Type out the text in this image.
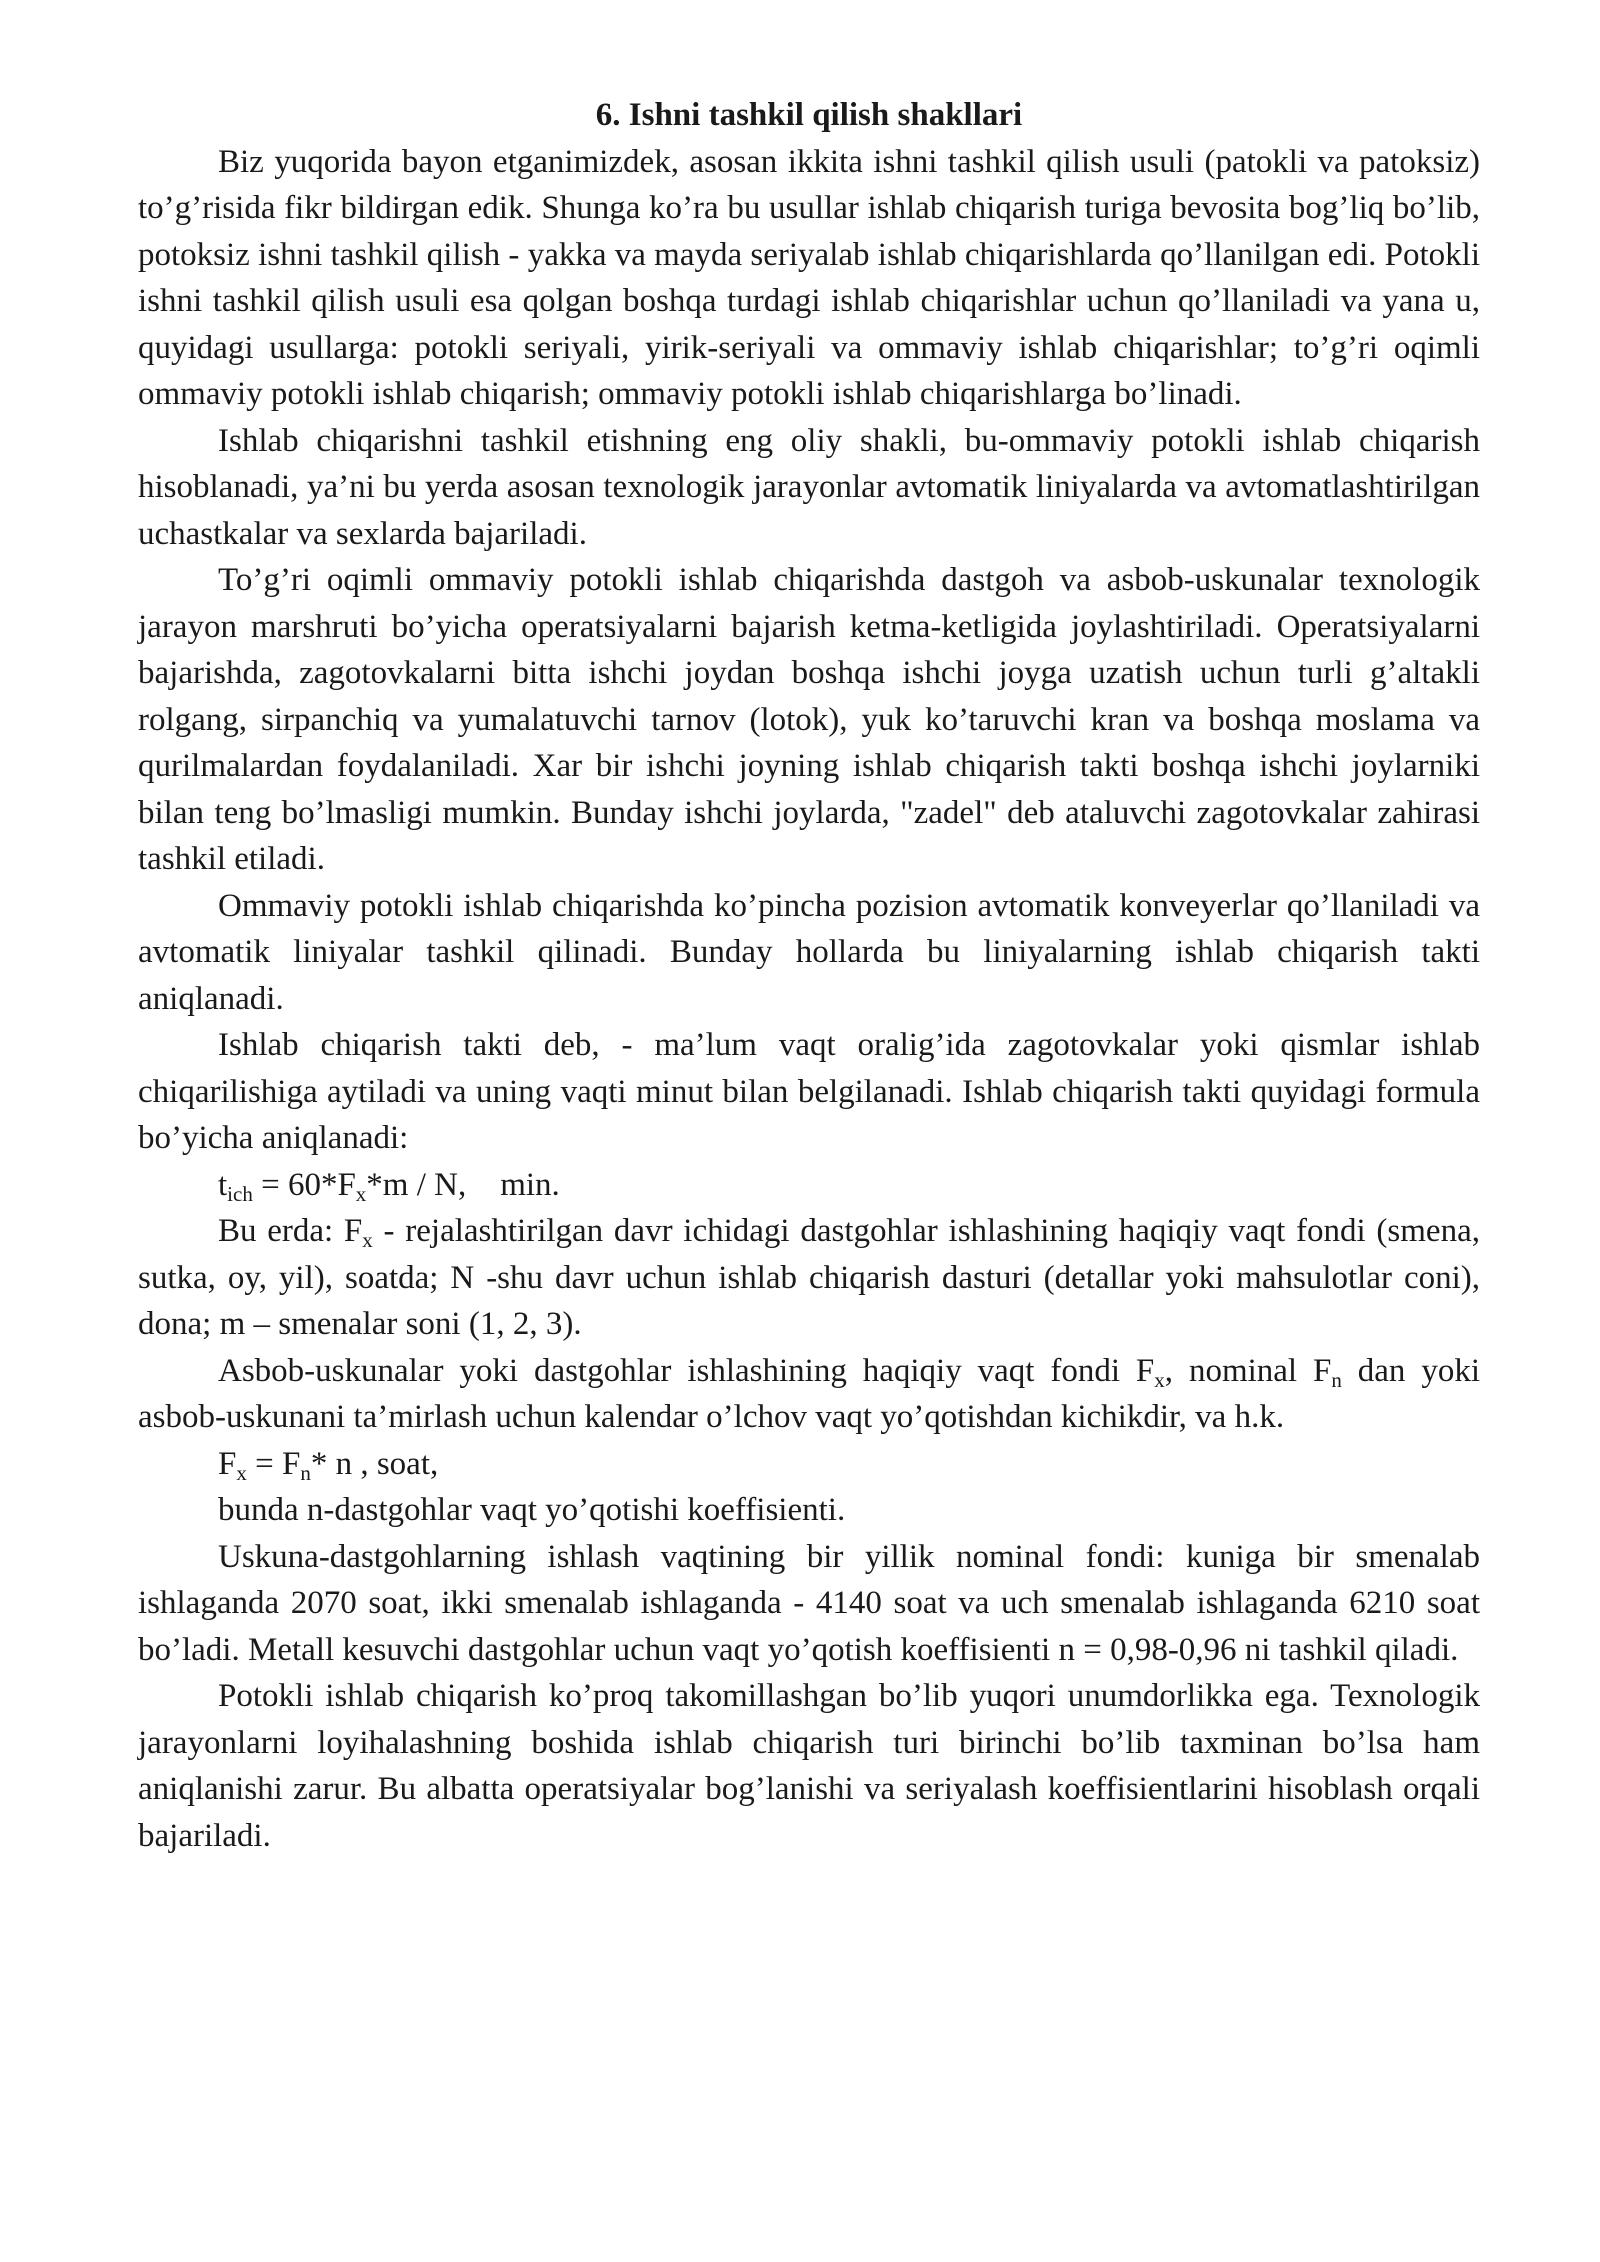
6. Ishni tashkil qilish shakllari

Biz yuqorida bayon etganimizdek, asosan ikkita ishni tashkil qilish usuli (patokli va patoksiz) to’g’risida fikr bildirgan edik. Shunga ko’ra bu usullar ishlab chiqarish turiga bevosita bog’liq bo’lib, potoksiz ishni tashkil qilish - yakka va mayda seriyalab ishlab chiqarishlarda qo’llanilgan edi. Potokli ishni tashkil qilish usuli esa qolgan boshqa turdagi ishlab chiqarishlar uchun qo’llaniladi va yana u, quyidagi usullarga: potokli seriyali, yirik-seriyali va ommaviy ishlab chiqarishlar; to’g’ri oqimli ommaviy potokli ishlab chiqarish; ommaviy potokli ishlab chiqarishlarga bo’linadi.

Ishlab chiqarishni tashkil etishning eng oliy shakli, bu-ommaviy potokli ishlab chiqarish hisoblanadi, ya’ni bu yerda asosan texnologik jarayonlar avtomatik liniyalarda va avtomatlashtirilgan uchastkalar va sexlarda bajariladi.

To’g’ri oqimli ommaviy potokli ishlab chiqarishda dastgoh va asbob-uskunalar texnologik jarayon marshruti bo’yicha operatsiyalarni bajarish ketma-ketligida joylashtiriladi. Operatsiyalarni bajarishda, zagotovkalarni bitta ishchi joydan boshqa ishchi joyga uzatish uchun turli g’altakli rolgang, sirpanchiq va yumalatuvchi tarnov (lotok), yuk ko’taruvchi kran va boshqa moslama va qurilmalardan foydalaniladi. Xar bir ishchi joyning ishlab chiqarish takti boshqa ishchi joylarniki bilan teng bo’lmasligi mumkin. Bunday ishchi joylarda, "zadel" deb ataluvchi zagotovkalar zahirasi tashkil etiladi.

Ommaviy potokli ishlab chiqarishda ko’pincha pozision avtomatik konveyerlar qo’llaniladi va avtomatik liniyalar tashkil qilinadi. Bunday hollarda bu liniyalarning ishlab chiqarish takti aniqlanadi.

Ishlab chiqarish takti deb, - ma’lum vaqt oralig’ida zagotovkalar yoki qismlar ishlab chiqarilishiga aytiladi va uning vaqti minut bilan belgilanadi. Ishlab chiqarish takti quyidagi formula bo’yicha aniqlanadi:

$t_{ich} = 60*F_x*m / N$, min.

Bu erda: $F_x$ - rejalashtirilgan davr ichidagi dastgohlar ishlashining haqiqiy vaqt fondi (smena, sutka, oy, yil), soatda; N -shu davr uchun ishlab chiqarish dasturi (detallar yoki mahsulotlar coni), dona; m – smenalar soni (1, 2, 3).

Asbob-uskunalar yoki dastgohlar ishlashining haqiqiy vaqt fondi Fx, nominal Fn dan yoki asbob-uskunani ta’mirlash uchun kalendar o’lchov vaqt yo’qotishdan kichikdir, va h.k.

$F_x = F_n*$ n , soat,

bunda n-dastgohlar vaqt yo’qotishi koeffisienti.

Uskuna-dastgohlarning ishlash vaqtining bir yillik nominal fondi: kuniga bir smenalab ishlaganda 2070 soat, ikki smenalab ishlaganda - 4140 soat va uch smenalab ishlaganda 6210 soat bo’ladi. Metall kesuvchi dastgohlar uchun vaqt yo’qotish koeffisienti n = 0,98-0,96 ni tashkil qiladi.

Potokli ishlab chiqarish ko’proq takomillashgan bo’lib yuqori unumdorlikka ega. Texnologik jarayonlarni loyihalashning boshida ishlab chiqarish turi birinchi bo’lib taxminan bo’lsa ham aniqlanishi zarur. Bu albatta operatsiyalar bog’lanishi va seriyalash koeffisientlarini hisoblash orqali bajariladi.
